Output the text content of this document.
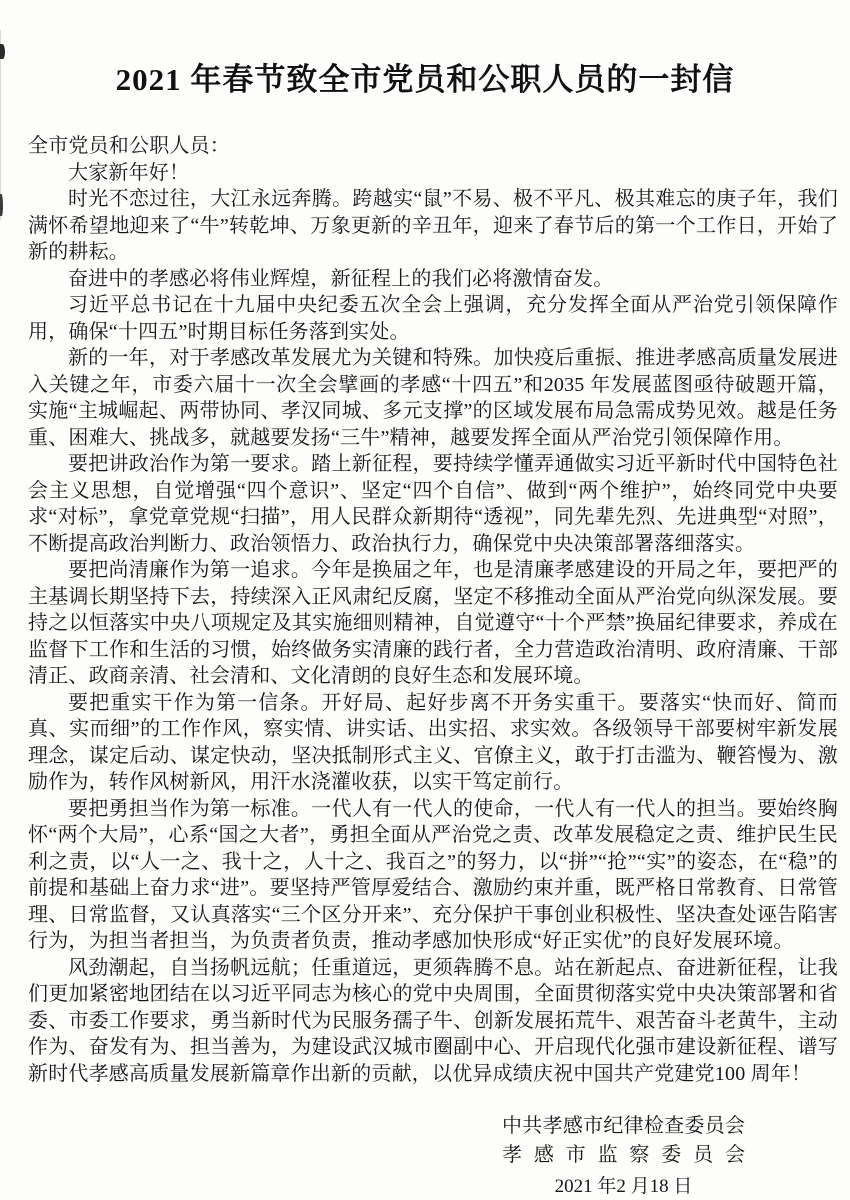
2021 年春节致全市党员和公职人员的一封信

全市党员和公职人员：

大家新年好！

时光不恋过往，大江永远奔腾。跨越实“鼠”不易、极不平凡、极其难忘的庚子年，我们满怀希望地迎来了“牛”转乾坤、万象更新的辛丑年，迎来了春节后的第一个工作日，开始了新的耕耘。

奋进中的孝感必将伟业辉煌，新征程上的我们必将激情奋发。

习近平总书记在十九届中央纪委五次全会上强调，充分发挥全面从严治党引领保障作用，确保“十四五”时期目标任务落到实处。

新的一年，对于孝感改革发展尤为关键和特殊。加快疫后重振、推进孝感高质量发展进入关键之年，市委六届十一次全会擘画的孝感“十四五”和2035 年发展蓝图亟待破题开篇，实施“主城崛起、两带协同、孝汉同城、多元支撑”的区域发展布局急需成势见效。越是任务重、困难大、挑战多，就越要发扬“三牛”精神，越要发挥全面从严治党引领保障作用。

要把讲政治作为第一要求。踏上新征程，要持续学懂弄通做实习近平新时代中国特色社会主义思想，自觉增强“四个意识”、坚定“四个自信”、做到“两个维护”，始终同党中央要求“对标”，拿党章党规“扫描”，用人民群众新期待“透视”，同先辈先烈、先进典型“对照”，不断提高政治判断力、政治领悟力、政治执行力，确保党中央决策部署落细落实。

要把尚清廉作为第一追求。今年是换届之年，也是清廉孝感建设的开局之年，要把严的主基调长期坚持下去，持续深入正风肃纪反腐，坚定不移推动全面从严治党向纵深发展。要持之以恒落实中央八项规定及其实施细则精神，自觉遵守“十个严禁”换届纪律要求，养成在监督下工作和生活的习惯，始终做务实清廉的践行者，全力营造政治清明、政府清廉、干部清正、政商亲清、社会清和、文化清朗的良好生态和发展环境。

要把重实干作为第一信条。开好局、起好步离不开务实重干。要落实“快而好、简而真、实而细”的工作作风，察实情、讲实话、出实招、求实效。各级领导干部要树牢新发展理念，谋定后动、谋定快动，坚决抵制形式主义、官僚主义，敢于打击滥为、鞭笞慢为、激励作为，转作风树新风，用汗水浇灌收获，以实干笃定前行。

要把勇担当作为第一标准。一代人有一代人的使命，一代人有一代人的担当。要始终胸怀“两个大局”，心系“国之大者”，勇担全面从严治党之责、改革发展稳定之责、维护民生民利之责，以“人一之、我十之，人十之、我百之”的努力，以“拼”“抢”“实”的姿态，在“稳”的前提和基础上奋力求“进”。要坚持严管厚爱结合、激励约束并重，既严格日常教育、日常管理、日常监督，又认真落实“三个区分开来”、充分保护干事创业积极性、坚决查处诬告陷害行为，为担当者担当，为负责者负责，推动孝感加快形成“好正实优”的良好发展环境。

风劲潮起，自当扬帆远航；任重道远，更须犇腾不息。站在新起点、奋进新征程，让我们更加紧密地团结在以习近平同志为核心的党中央周围，全面贯彻落实党中央决策部署和省委、市委工作要求，勇当新时代为民服务孺子牛、创新发展拓荒牛、艰苦奋斗老黄牛，主动作为、奋发有为、担当善为，为建设武汉城市圈副中心、开启现代化强市建设新征程、谱写新时代孝感高质量发展新篇章作出新的贡献，以优异成绩庆祝中国共产党建党100 周年！

中共孝感市纪律检查委员会
孝感市监察委员会
2021 年2 月18 日
